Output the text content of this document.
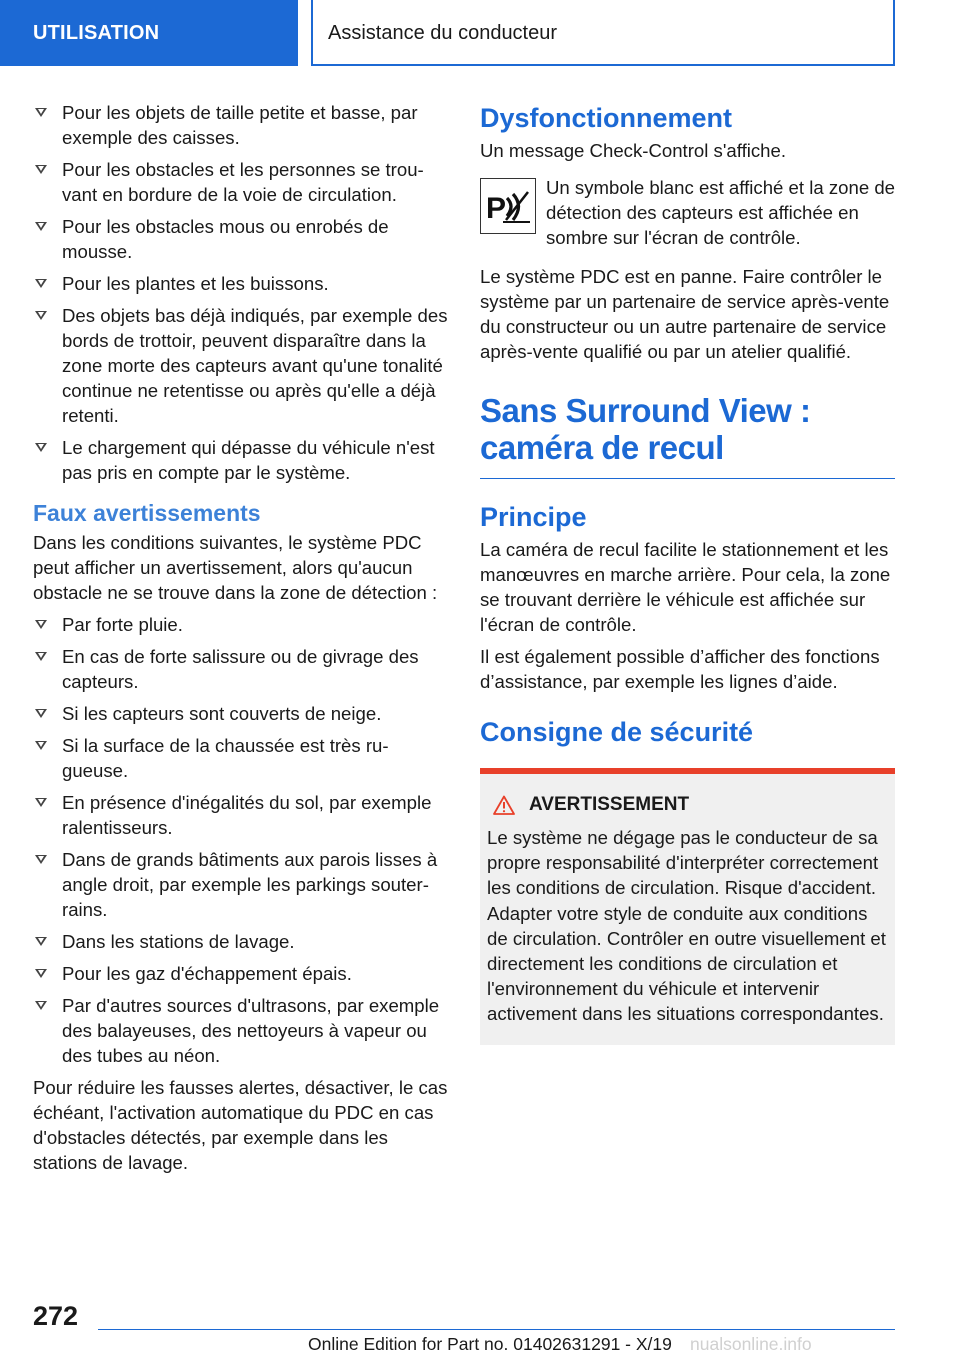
UTILISATION	Assistance du conducteur
Pour les objets de taille petite et basse, par exemple des caisses.
Pour les obstacles et les personnes se trouvant en bordure de la voie de circulation.
Pour les obstacles mous ou enrobés de mousse.
Pour les plantes et les buissons.
Des objets bas déjà indiqués, par exemple des bords de trottoir, peuvent disparaître dans la zone morte des capteurs avant qu'une tonalité continue ne retentisse ou après qu'elle a déjà retenti.
Le chargement qui dépasse du véhicule n'est pas pris en compte par le système.
Faux avertissements

Dans les conditions suivantes, le système PDC peut afficher un avertissement, alors qu'aucun obstacle ne se trouve dans la zone de détection :

Par forte pluie.
En cas de forte salissure ou de givrage des capteurs.
Si les capteurs sont couverts de neige.
Si la surface de la chaussée est très rugueuse.
En présence d'inégalités du sol, par exemple ralentisseurs.
Dans de grands bâtiments aux parois lisses à angle droit, par exemple les parkings souterrains.
Dans les stations de lavage.
Pour les gaz d'échappement épais.
Par d'autres sources d'ultrasons, par exemple des balayeuses, des nettoyeurs à vapeur ou des tubes au néon.

Pour réduire les fausses alertes, désactiver, le cas échéant, l'activation automatique du PDC en cas d'obstacles détectés, par exemple dans les stations de lavage.

Dysfonctionnement

Un message Check-Control s'affiche.

P
Un symbole blanc est affiché et la zone de détection des capteurs est affichée en sombre sur l'écran de contrôle.

Le système PDC est en panne. Faire contrôler le système par un partenaire de service après-vente du constructeur ou un autre partenaire de service après-vente qualifié ou par un atelier qualifié.

Sans Surround View : caméra de recul
Principe

La caméra de recul facilite le stationnement et les manœuvres en marche arrière. Pour cela, la zone se trouvant derrière le véhicule est affichée sur l'écran de contrôle.

Il est également possible d’afficher des fonctions d’assistance, par exemple les lignes d’aide.

Consigne de sécurité
AVERTISSEMENT
Le système ne dégage pas le conducteur de sa propre responsabilité d'interpréter correctement les conditions de circulation. Risque d'accident. Adapter votre style de conduite aux conditions de circulation. Contrôler en outre visuellement et directement les conditions de circulation et l'environnement du véhicule et intervenir activement dans les situations correspondantes.
272
Online Edition for Part no. 01402631291 - X/19 nualsonline.info
